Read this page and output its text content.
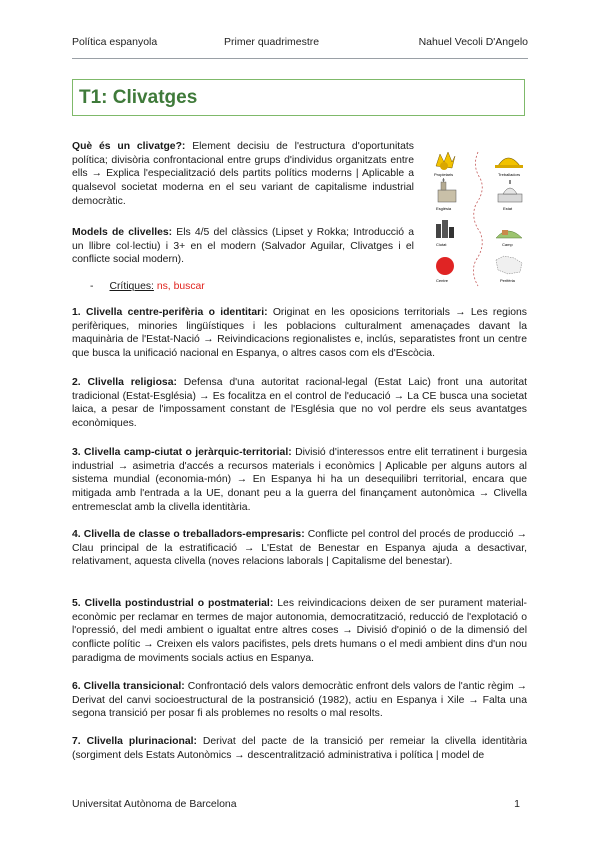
Política espanyola	Primer quadrimestre	Nahuel Vecoli D'Angelo
T1: Clivatges
Què és un clivatge?: Element decisiu de l'estructura d'oportunitats política; divisòria confrontacional entre grups d'individus organitzats entre ells → Explica l'especialització dels partits polítics moderns | Aplicable a qualsevol societat moderna en el seu variant de capitalisme industrial democràtic.
Models de clivelles: Els 4/5 del clàssics (Lipset y Rokka; Introducció a un llibre col·lectiu) i 3+ en el modern (Salvador Aguilar, Clivatges i el conflicte social modern).
- Crítiques: ns, buscar
Propietaris	Treballadors
Església	Estat
Ciutat	Camp
Centre	Perifèria
1. Clivella centre-perifèria o identitari: Originat en les oposicions territorials → Les regions perifèriques, minories lingüístiques i les poblacions culturalment amenaçades davant la maquinària de l'Estat-Nació → Reivindicacions regionalistes e, inclús, separatistes front un centre que busca la unificació nacional en Espanya, o altres casos com els d'Escòcia.
2. Clivella religiosa: Defensa d'una autoritat racional-legal (Estat Laic) front una autoritat tradicional (Estat-Església) → Es focalitza en el control de l'educació → La CE busca una societat laica, a pesar de l'impossament constant de l'Església que no vol perdre els seus avantatges econòmiques.
3. Clivella camp-ciutat o jeràrquic-territorial: Divisió d'interessos entre elit terratinent i burgesia industrial → asimetria d'accés a recursos materials i econòmics | Aplicable per alguns autors al sistema mundial (economia-món) → En Espanya hi ha un desequilibri territorial, encara que mitigada amb l'entrada a la UE, donant peu a la guerra del finançament autonòmica → Clivella entremesclat amb la clivella identitària.
4. Clivella de classe o treballadors-empresaris: Conflicte pel control del procés de producció → Clau principal de la estratificació → L'Estat de Benestar en Espanya ajuda a desactivar, relativament, aquesta clivella (noves relacions laborals | Capitalisme del benestar).
5. Clivella postindustrial o postmaterial: Les reivindicacions deixen de ser purament material-econòmic per reclamar en termes de major autonomia, democratització, reducció de l'explotació o l'opressió, del medi ambient o igualtat entre altres coses → Divisió d'opinió o de la dimensió del conflicte polític → Creixen els valors pacifistes, pels drets humans o el medi ambient dins d'un nou paradigma de moviments socials actius en Espanya.
6. Clivella transicional: Confrontació dels valors democràtic enfront dels valors de l'antic règim → Derivat del canvi socioestructural de la postransició (1982), actiu en Espanya i Xile → Falta una segona transició per posar fi als problemes no resolts o mal resolts.
7. Clivella plurinacional: Derivat del pacte de la transició per remeiar la clivella identitària (sorgiment dels Estats Autonòmics → descentralització administrativa i política | model de
Universitat Autònoma de Barcelona	1
